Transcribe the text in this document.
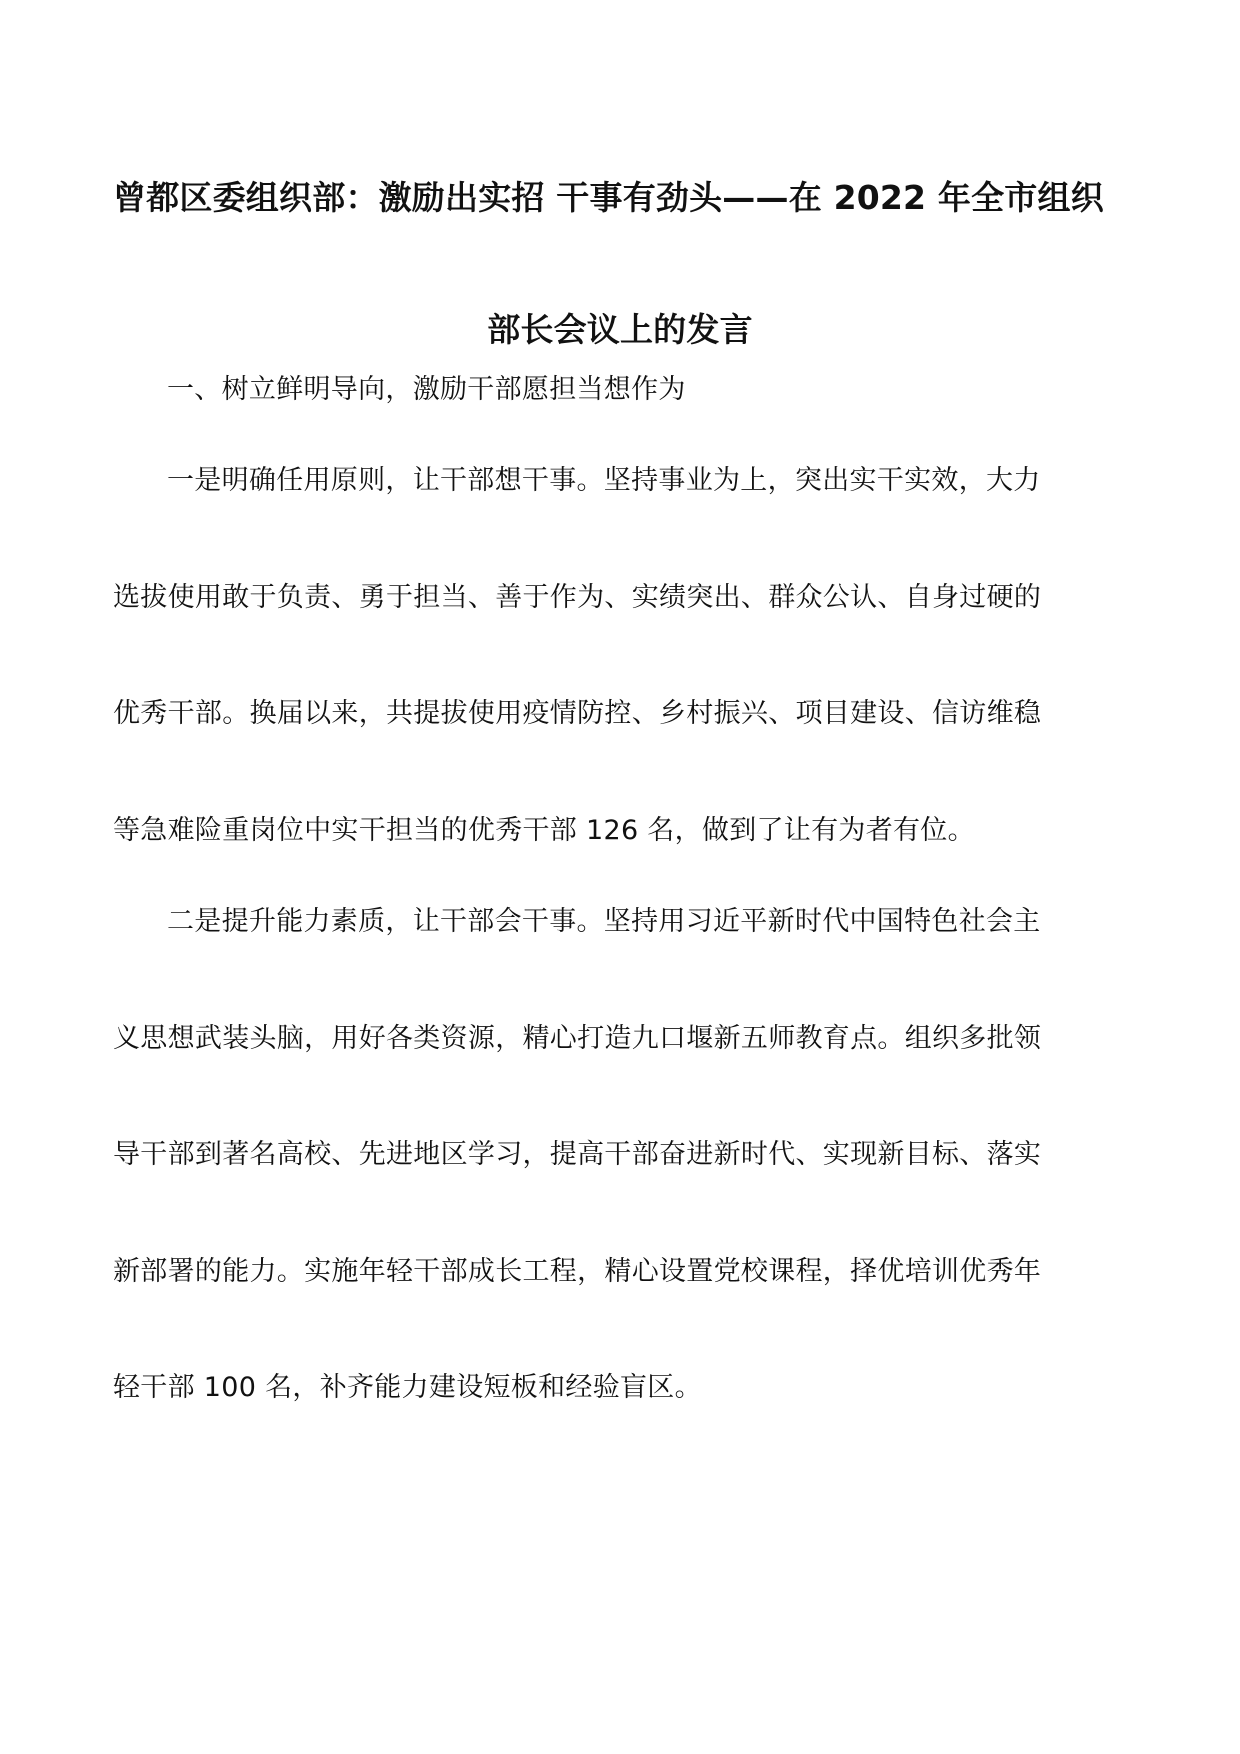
曾都区委组织部：激励出实招 干事有劲头——在 2022 年全市组织
部长会议上的发言
一、树立鲜明导向，激励干部愿担当想作为
一是明确任用原则，让干部想干事。坚持事业为上，突出实干实效，大力
选拔使用敢于负责、勇于担当、善于作为、实绩突出、群众公认、自身过硬的
优秀干部。换届以来，共提拔使用疫情防控、乡村振兴、项目建设、信访维稳
等急难险重岗位中实干担当的优秀干部 126 名，做到了让有为者有位。
二是提升能力素质，让干部会干事。坚持用习近平新时代中国特色社会主
义思想武装头脑，用好各类资源，精心打造九口堰新五师教育点。组织多批领
导干部到著名高校、先进地区学习，提高干部奋进新时代、实现新目标、落实
新部署的能力。实施年轻干部成长工程，精心设置党校课程，择优培训优秀年
轻干部 100 名，补齐能力建设短板和经验盲区。
